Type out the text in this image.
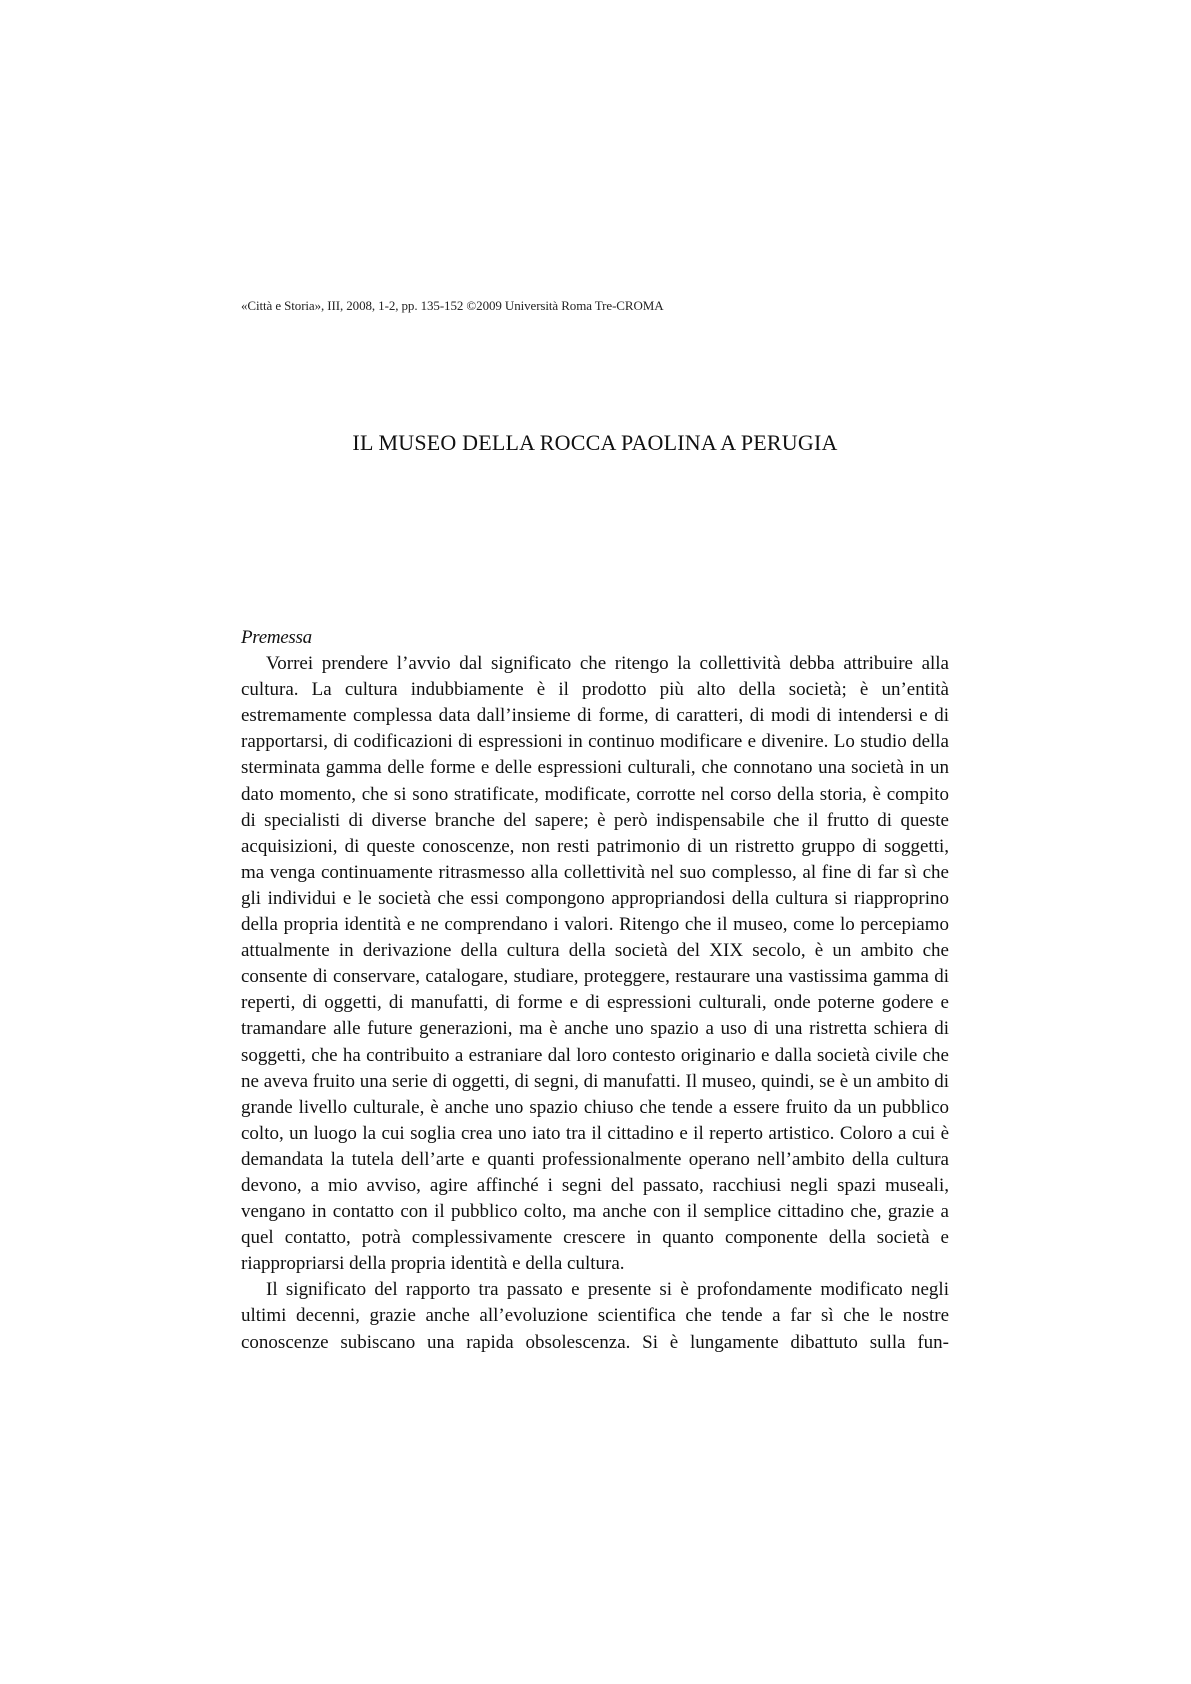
«Città e Storia», III, 2008, 1-2, pp. 135-152 ©2009 Università Roma Tre-CROMA
IL MUSEO DELLA ROCCA PAOLINA A PERUGIA
Premessa

Vorrei prendere l’avvio dal significato che ritengo la collettività debba attribuire alla cultura. La cultura indubbiamente è il prodotto più alto della società; è un’entità estremamente complessa data dall’insieme di forme, di caratteri, di modi di intendersi e di rapportarsi, di codificazioni di espressioni in continuo modificare e divenire. Lo studio della sterminata gamma delle forme e delle espressioni culturali, che connotano una società in un dato momento, che si sono stratificate, modificate, corrotte nel corso della storia, è compito di specialisti di diverse branche del sapere; è però indispensabile che il frutto di queste acquisizioni, di queste conoscenze, non resti patrimonio di un ristretto gruppo di soggetti, ma venga continuamente ritrasmesso alla collettività nel suo complesso, al fine di far sì che gli individui e le società che essi compongono appropriandosi della cultura si riapproprino della propria identità e ne comprendano i valori. Ritengo che il museo, come lo percepiamo attualmente in derivazione della cultura della società del XIX secolo, è un ambito che consente di conservare, catalogare, studiare, proteggere, restaurare una vastissima gamma di reperti, di oggetti, di manufatti, di forme e di espressioni culturali, onde poterne godere e tramandare alle future generazioni, ma è anche uno spazio a uso di una ristretta schiera di soggetti, che ha contribuito a estraniare dal loro contesto originario e dalla società civile che ne aveva fruito una serie di oggetti, di segni, di manufatti. Il museo, quindi, se è un ambito di grande livello culturale, è anche uno spazio chiuso che tende a essere fruito da un pubblico colto, un luogo la cui soglia crea uno iato tra il cittadino e il reperto artistico. Coloro a cui è demandata la tutela dell’arte e quanti professionalmente operano nell’ambito della cultura devono, a mio avviso, agire affinché i segni del passato, racchiusi negli spazi museali, vengano in contatto con il pubblico colto, ma anche con il semplice cittadino che, grazie a quel contatto, potrà complessivamente crescere in quanto componente della società e riappropriarsi della propria identità e della cultura.

Il significato del rapporto tra passato e presente si è profondamente modificato negli ultimi decenni, grazie anche all’evoluzione scientifica che tende a far sì che le nostre conoscenze subiscano una rapida obsolescenza. Si è lungamente dibattuto sulla fun-
